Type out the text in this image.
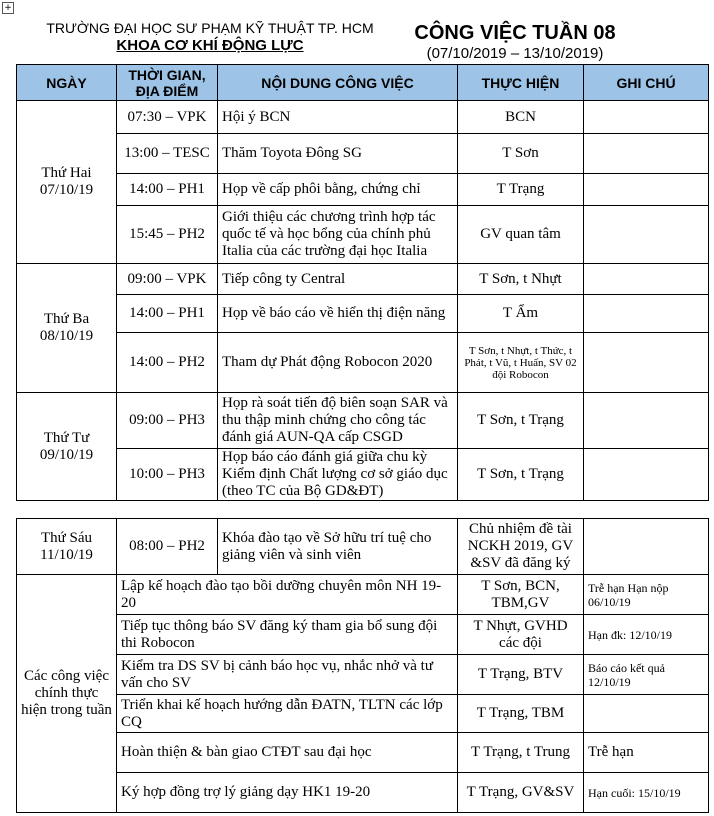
+
TRƯỜNG ĐẠI HỌC SƯ PHẠM KỸ THUẬT TP. HCM
KHOA CƠ KHÍ ĐỘNG LỰC
CÔNG VIỆC TUẦN 08
(07/10/2019 – 13/10/2019)
NGÀY	THỜI GIAN, ĐỊA ĐIỂM	NỘI DUNG CÔNG VIỆC	THỰC HIỆN	GHI CHÚ
Thứ Hai 07/10/19	07:30 – VPK	Hội ý BCN	BCN	
	13:00 – TESC	Thăm Toyota Đông SG	T Sơn	
	14:00 – PH1	Họp về cấp phôi bằng, chứng chỉ	T Trạng	
	15:45 – PH2	Giới thiệu các chương trình hợp tác quốc tế và học bổng của chính phủ Italia của các trường đại học Italia	GV quan tâm	
Thứ Ba 08/10/19	09:00 – VPK	Tiếp công ty Central	T Sơn, t Nhựt	
	14:00 – PH1	Họp về báo cáo về hiển thị điện năng	T Ẩm	
	14:00 – PH2	Tham dự Phát động Robocon 2020	T Sơn, t Nhựt, t Thức, t Phát, t Vũ, t Huấn, SV 02 đội Robocon	
Thứ Tư 09/10/19	09:00 – PH3	Họp rà soát tiến độ biên soạn SAR và thu thập minh chứng cho công tác đánh giá AUN-QA cấp CSGD	T Sơn, t Trạng	
	10:00 – PH3	Họp báo cáo đánh giá giữa chu kỳ Kiểm định Chất lượng cơ sở giáo dục (theo TC của Bộ GD&ĐT)	T Sơn, t Trạng	
Thứ Sáu 11/10/19	08:00 – PH2	Khóa đào tạo về Sở hữu trí tuệ cho giảng viên và sinh viên	Chủ nhiệm đề tài NCKH 2019, GV &SV đã đăng ký	
Các công việc chính thực hiện trong tuần	Lập kế hoạch đào tạo bồi dưỡng chuyên môn NH 19-20		T Sơn, BCN, TBM,GV	Trễ hạn Hạn nộp 06/10/19
	Tiếp tục thông báo SV đăng ký tham gia bổ sung đội thi Robocon		T Nhựt, GVHD các đội	Hạn đk: 12/10/19
	Kiểm tra DS SV bị cảnh báo học vụ, nhắc nhở và tư vấn cho SV		T Trạng, BTV	Báo cáo kết quả 12/10/19
	Triển khai kế hoạch hướng dẫn ĐATN, TLTN các lớp CQ		T Trạng, TBM	
	Hoàn thiện & bàn giao CTĐT sau đại học		T Trạng, t Trung	Trễ hạn
	Ký hợp đồng trợ lý giảng dạy HK1 19-20		T Trạng, GV&SV	Hạn cuối: 15/10/19
